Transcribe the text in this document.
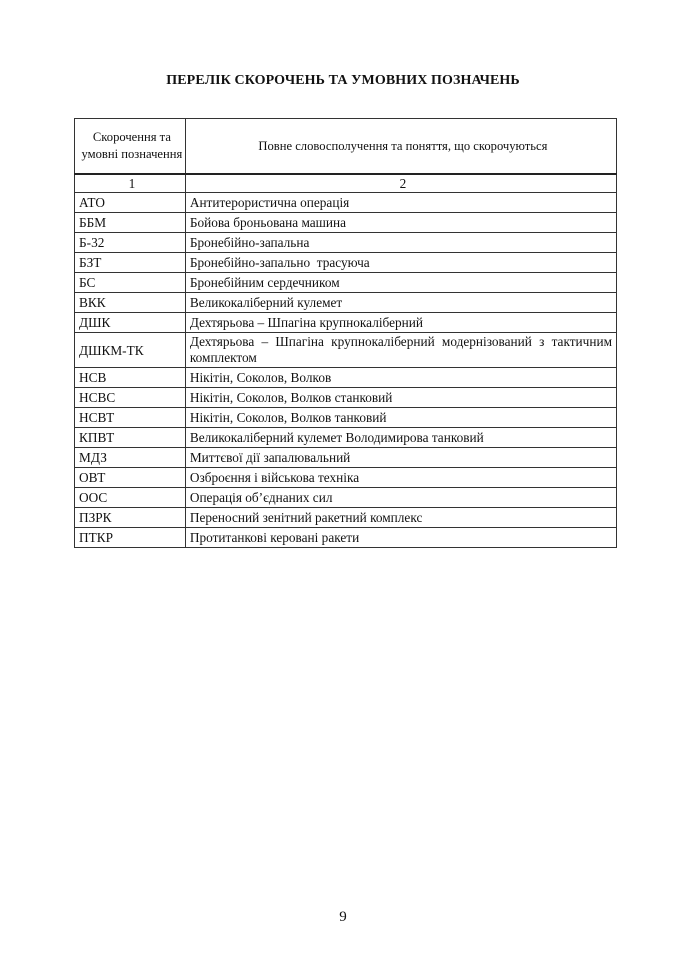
ПЕРЕЛІК СКОРОЧЕНЬ ТА УМОВНИХ ПОЗНАЧЕНЬ
Скорочення та умовні позначення	Повне словосполучення та поняття, що скорочуються
1	2
АТО	Антитерористична операція
ББМ	Бойова броньована машина
Б-32	Бронебійно-запальна
БЗТ	Бронебійно-запально  трасуюча
БС	Бронебійним сердечником
ВКК	Великокаліберний кулемет
ДШК	Дехтярьова – Шпагіна крупнокаліберний
ДШКМ-ТК	Дехтярьова – Шпагіна крупнокаліберний модернізований з тактичним комплектом
НСВ	Нікітін, Соколов, Волков
НСВС	Нікітін, Соколов, Волков станковий
НСВТ	Нікітін, Соколов, Волков танковий
КПВТ	Великокаліберний кулемет Володимирова танковий
МДЗ	Миттєвої дії запалювальний
ОВТ	Озброєння і військова техніка
ООС	Операція об’єднаних сил
ПЗРК	Переносний зенітний ракетний комплекс
ПТКР	Протитанкові керовані ракети
9
